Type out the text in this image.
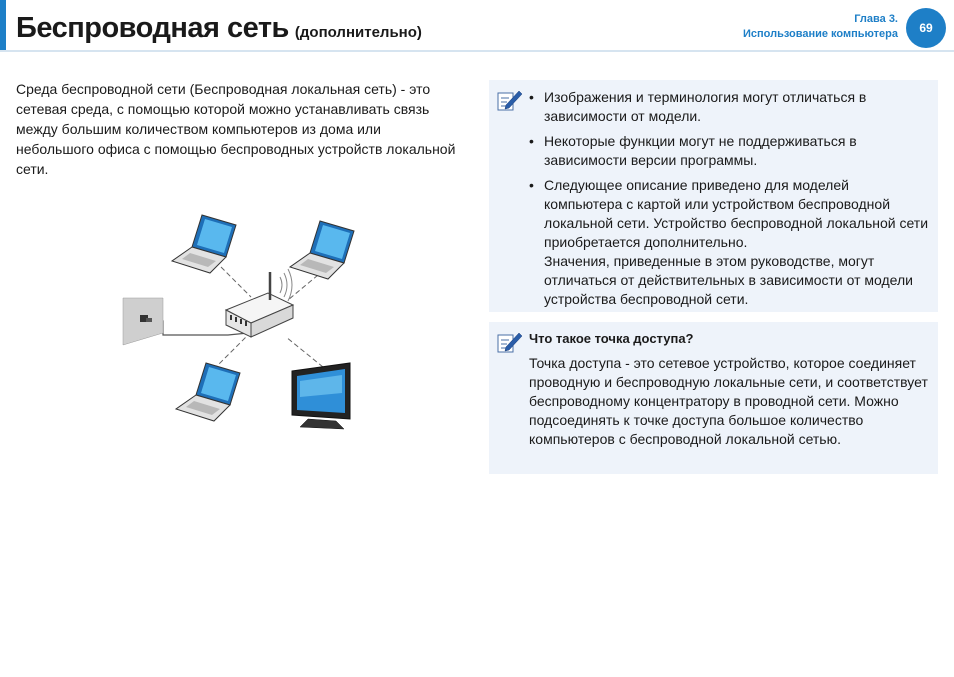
Беспроводная сеть (дополнительно)
Глава 3.
Использование компьютера	69

Среда беспроводной сети (Беспроводная локальная сеть) - это сетевая среда, с помощью которой можно устанавливать связь между большим количеством компьютеров из дома или небольшого офиса с помощью беспроводных устройств локальной сети.

• Изображения и терминология могут отличаться в зависимости от модели.
• Некоторые функции могут не поддерживаться в зависимости версии программы.
• Следующее описание приведено для моделей компьютера с картой или устройством беспроводной локальной сети. Устройство беспроводной локальной сети приобретается дополнительно.
Значения, приведенные в этом руководстве, могут отличаться от действительных в зависимости от модели устройства беспроводной сети.
Что такое точка доступа?

Точка доступа - это сетевое устройство, которое соединяет проводную и беспроводную локальные сети, и соответствует беспроводному концентратору в проводной сети. Можно подсоединять к точке доступа большое количество компьютеров с беспроводной локальной сетью.
